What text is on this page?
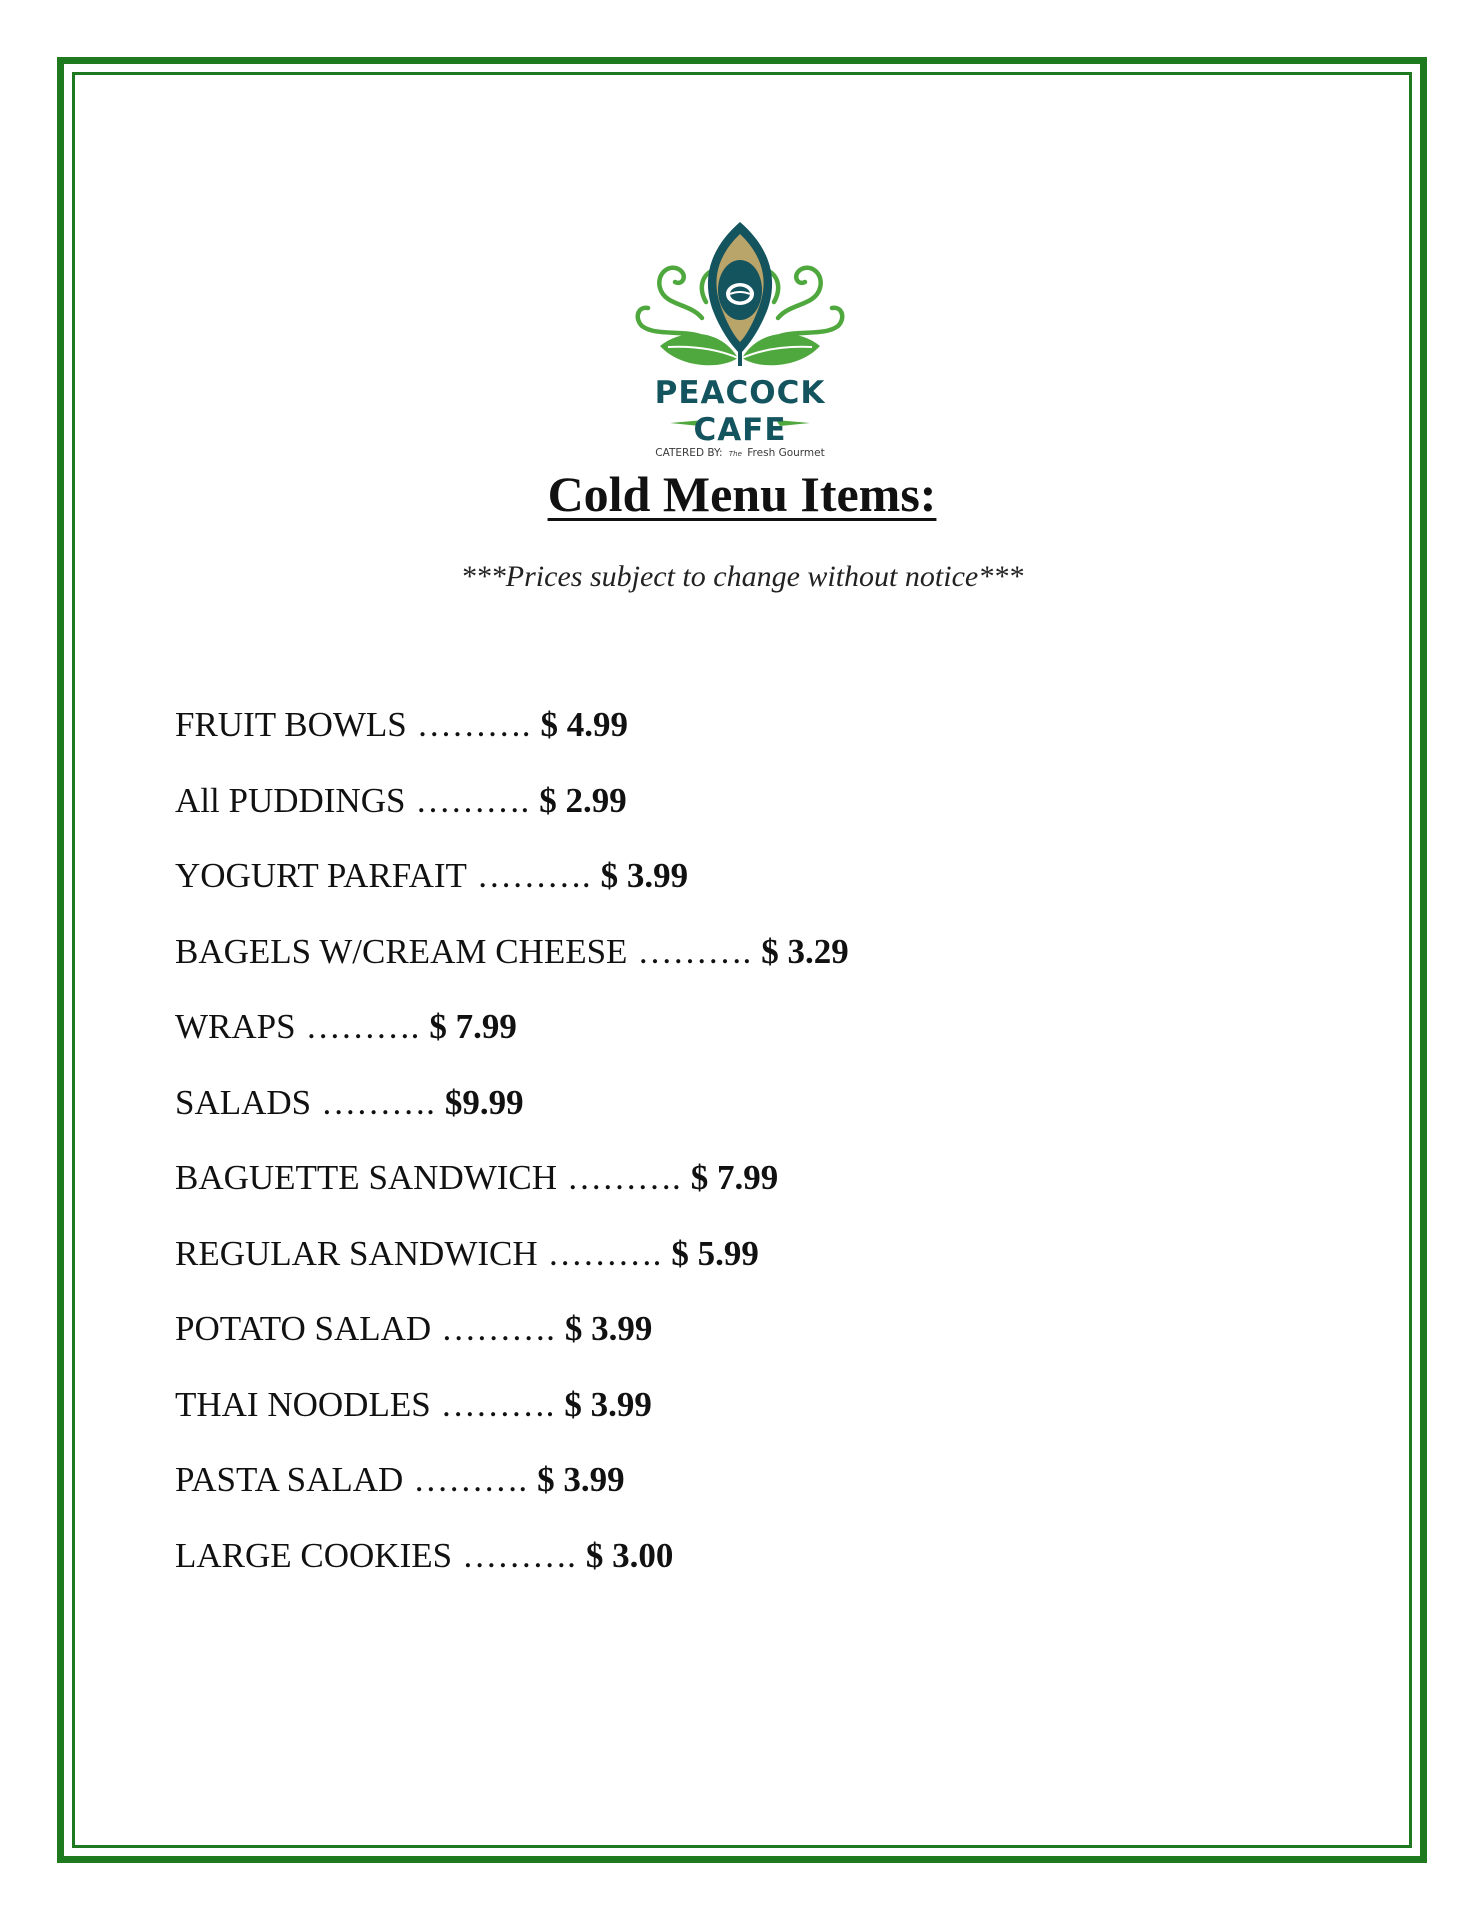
PEACOCK
CAFE
CATERED BY: The Fresh Gourmet
Cold Menu Items:
***Prices subject to change without notice***
FRUIT BOWLS ………. $ 4.99
All PUDDINGS ………. $ 2.99
YOGURT PARFAIT ………. $ 3.99
BAGELS W/CREAM CHEESE ………. $ 3.29
WRAPS ………. $ 7.99
SALADS ………. $9.99
BAGUETTE SANDWICH ………. $ 7.99
REGULAR SANDWICH ………. $ 5.99
POTATO SALAD ………. $ 3.99
THAI NOODLES ………. $ 3.99
PASTA SALAD ………. $ 3.99
LARGE COOKIES ………. $ 3.00
